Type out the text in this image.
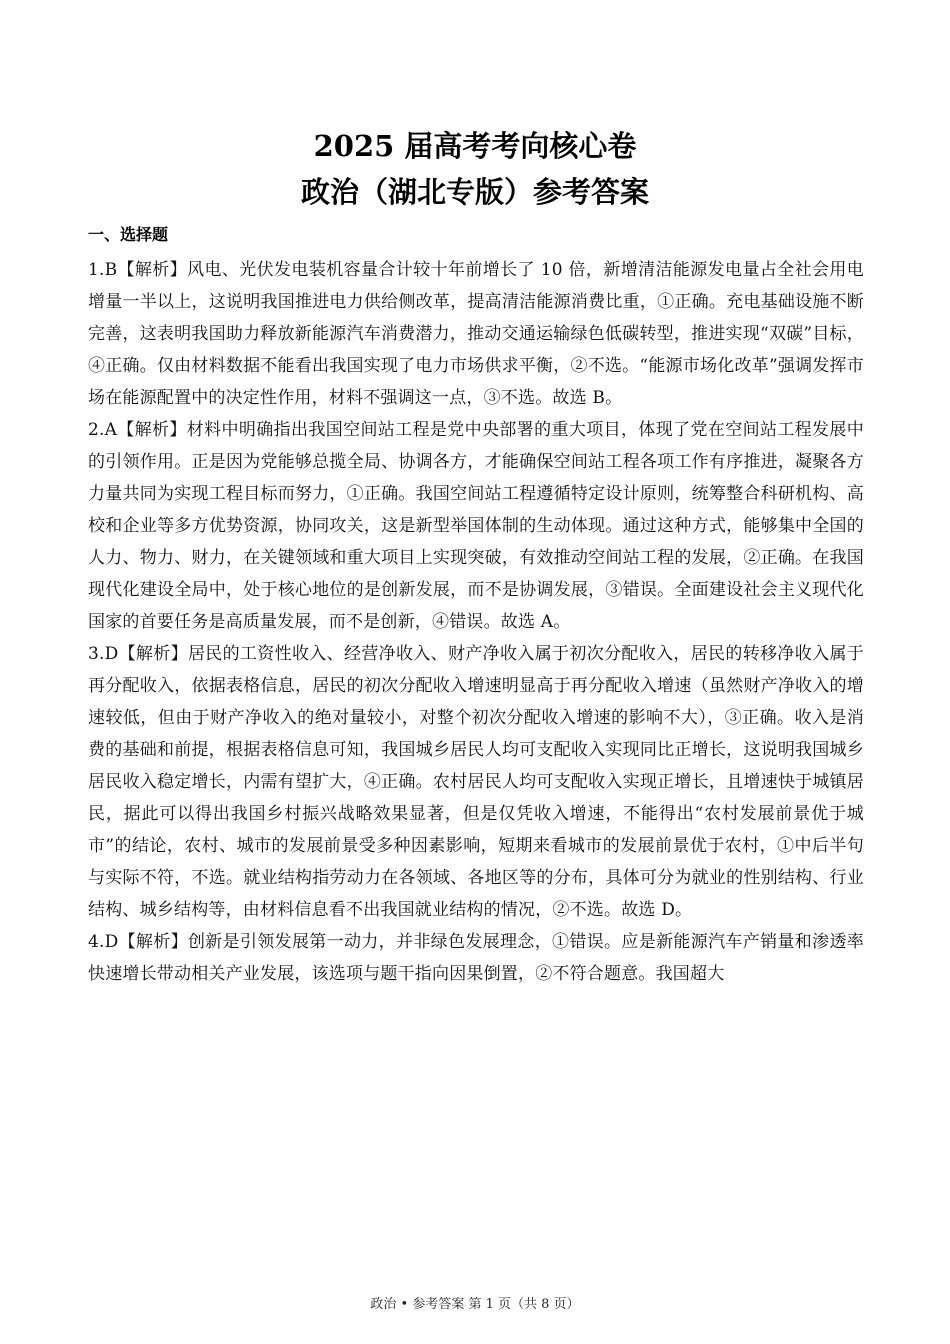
2025 届高考考向核心卷
政治（湖北专版）参考答案
一、选择题

1.B【解析】风电、光伏发电装机容量合计较十年前增长了 10 倍，新增清洁能源发电量占全社会用电增量一半以上，这说明我国推进电力供给侧改革，提高清洁能源消费比重，①正确。充电基础设施不断完善，这表明我国助力释放新能源汽车消费潜力，推动交通运输绿色低碳转型，推进实现“双碳”目标，④正确。仅由材料数据不能看出我国实现了电力市场供求平衡，②不选。“能源市场化改革”强调发挥市场在能源配置中的决定性作用，材料不强调这一点，③不选。故选 B。

2.A【解析】材料中明确指出我国空间站工程是党中央部署的重大项目，体现了党在空间站工程发展中的引领作用。正是因为党能够总揽全局、协调各方，才能确保空间站工程各项工作有序推进，凝聚各方力量共同为实现工程目标而努力，①正确。我国空间站工程遵循特定设计原则，统筹整合科研机构、高校和企业等多方优势资源，协同攻关，这是新型举国体制的生动体现。通过这种方式，能够集中全国的人力、物力、财力，在关键领域和重大项目上实现突破，有效推动空间站工程的发展，②正确。在我国现代化建设全局中，处于核心地位的是创新发展，而不是协调发展，③错误。全面建设社会主义现代化国家的首要任务是高质量发展，而不是创新，④错误。故选 A。

3.D【解析】居民的工资性收入、经营净收入、财产净收入属于初次分配收入，居民的转移净收入属于再分配收入，依据表格信息，居民的初次分配收入增速明显高于再分配收入增速（虽然财产净收入的增速较低，但由于财产净收入的绝对量较小，对整个初次分配收入增速的影响不大），③正确。收入是消费的基础和前提，根据表格信息可知，我国城乡居民人均可支配收入实现同比正增长，这说明我国城乡居民收入稳定增长，内需有望扩大，④正确。农村居民人均可支配收入实现正增长，且增速快于城镇居民，据此可以得出我国乡村振兴战略效果显著，但是仅凭收入增速，不能得出“农村发展前景优于城市”的结论，农村、城市的发展前景受多种因素影响，短期来看城市的发展前景优于农村，①中后半句与实际不符，不选。就业结构指劳动力在各领域、各地区等的分布，具体可分为就业的性别结构、行业结构、城乡结构等，由材料信息看不出我国就业结构的情况，②不选。故选 D。

4.D【解析】创新是引领发展第一动力，并非绿色发展理念，①错误。应是新能源汽车产销量和渗透率快速增长带动相关产业发展，该选项与题干指向因果倒置，②不符合题意。我国超大

政治 • 参考答案 第 1 页（共 8 页）
